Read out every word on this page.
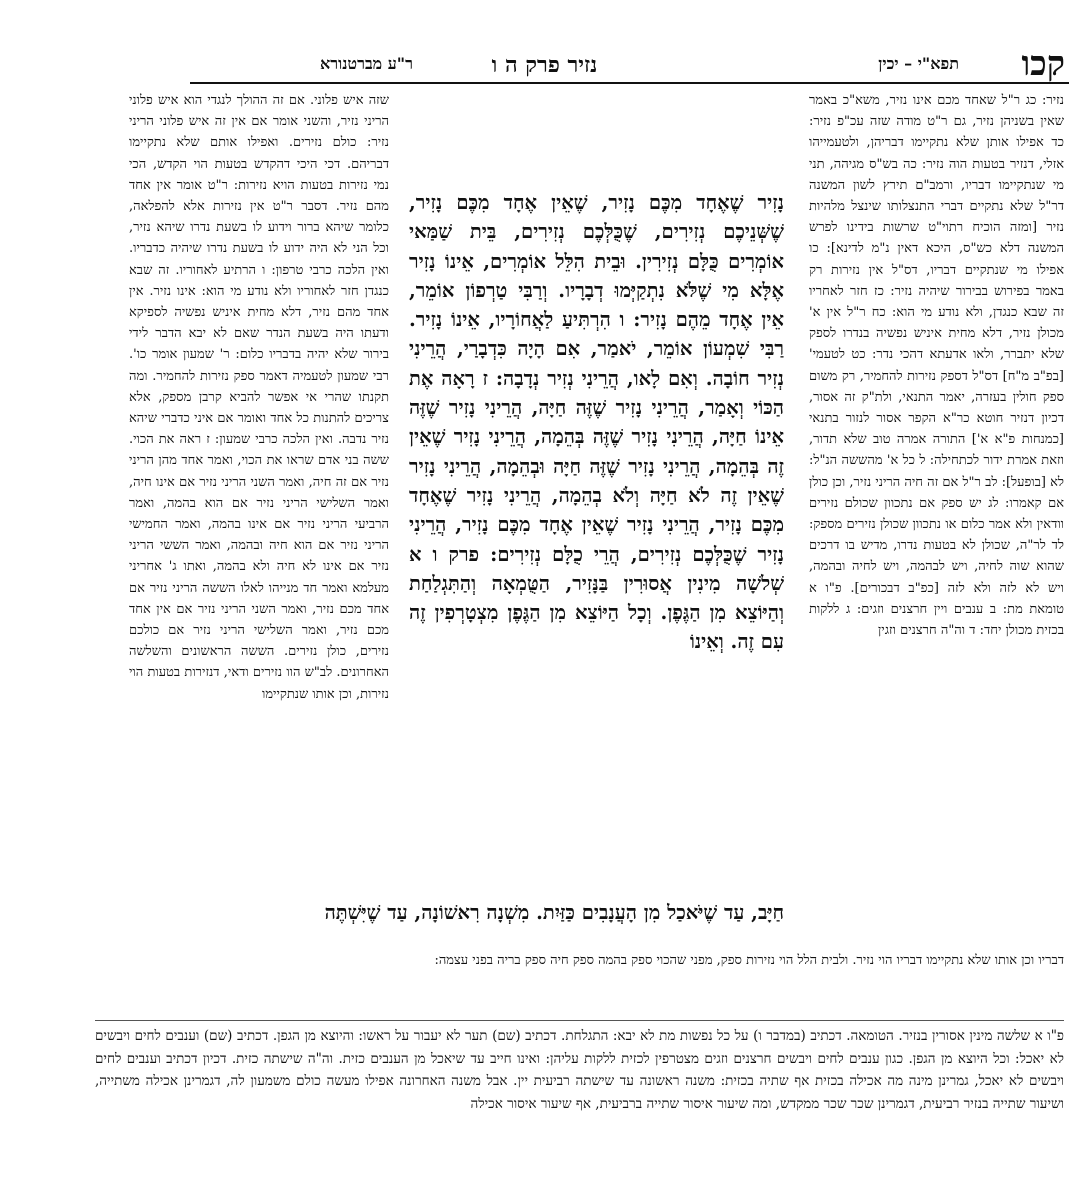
קכו
תפא"י – יכין
נזיר פרק ה ו
ר"ע מברטנורא
נזיר: כג ר"ל שאחד מכם אינו נזיר, משא"כ באמר שאין בשניהן נזיר, גם ר"ט מודה שזה עכ"פ נזיר: כד אפילו אותן שלא נתקיימו דבריהן, ולטעמייהו אזלי, דנזיר בטעות הוה נזיר: כה בש"ס מגיהה, תני מי שנתקיימו דבריו, ורמב"ם תירץ לשון המשנה דר"ל שלא נתקיים דברי התנצלותו שינצל מלהיות נזיר [ומזה הוכיח רתוי"ט שרשות בידינו לפרש המשנה דלא כש"ס, היכא דאין נ"מ לדינא]: כו אפילו מי שנתקיים דבריו, דס"ל אין נזירות רק באמר בפירוש בבירור שיהיה נזיר: כז חזר לאחריו זה שבא כנגדן, ולא נודע מי הוא: כח ר"ל אין א' מכולן נזיר, דלא מחית איניש נפשיה בנדרו לספק שלא יתברר, ולאו אדעתא דהכי נדר: כט לטעמי' [בפ"ב מ"ח] דס"ל דספק נזירות להחמיר, רק משום ספק חולין בעזרה, יאמר התנאי, ולת"ק זה אסור, דכיון דנזיר חוטא כר"א הקפר אסור לנזור בתנאי [כמנחות פ"א א'] התורה אמרה טוב שלא תדור, וזאת אמרת ידור לכתחילה: ל כל א' מהששה הנ"ל: לא [בופעל]: לב ר"ל אם זה חיה הריני נזיר, וכן כולן אם קאמרו: לג יש ספק אם נתכוון שכולם נזירים וודאין ולא אמר כלום או נתכוון שכולן נזירים מספק: לד לר"ה, שכולן לא בטעות נדרו, מדיש בו דרכים שהוא שוה לחיה, ויש לבהמה, ויש לחיה ובהמה, ויש לא לזה ולא לזה [כפ"ב דבכורים]. פ"ו א טומאת מת: ב ענבים ויין חרצנים וזגים: ג ללקות בכזית מכולן יחד: ד וה"ה חרצנים וזגין
נָזִיר שֶׁאֶחָד מִכֶּם נָזִיר, שֶׁאֵין אֶחָד מִכֶּם נָזִיר, שֶׁשְּׁנֵיכֶם נְזִירִים, שֶׁכֻּלְּכֶם נְזִירִים, בֵּית שַׁמַּאי אוֹמְרִים כֻּלָּם נְזִירִין. וּבֵית הִלֵּל אוֹמְרִים, אֵינוֹ נָזִיר אֶלָּא מִי שֶׁלֹּא נִתְקַיְּמוּ דְבָרָיו. וְרַבִּי טַרְפוֹן אוֹמֵר, אֵין אֶחָד מֵהֶם נָזִיר: ו הִרְתִּיעַ לַאֲחוֹרָיו, אֵינוֹ נָזִיר. רַבִּי שִׁמְעוֹן אוֹמֵר, יֹאמַר, אִם הָיָה כִּדְבָרַי, הֲרֵינִי נְזִיר חוֹבָה. וְאִם לָאו, הֲרֵינִי נְזִיר נְדָבָה: ז רָאָה אֶת הַכּוֹי וְאָמַר, הֲרֵינִי נָזִיר שֶׁזֶּה חַיָּה, הֲרֵינִי נָזִיר שֶׁזֶּה אֵינוֹ חַיָּה, הֲרֵינִי נָזִיר שֶׁזֶּה בְּהֵמָה, הֲרֵינִי נָזִיר שֶׁאֵין זֶה בְּהֵמָה, הֲרֵינִי נָזִיר שֶׁזֶּה חַיָּה וּבְהֵמָה, הֲרֵינִי נָזִיר שֶׁאֵין זֶה לֹא חַיָּה וְלֹא בְהֵמָה, הֲרֵינִי נָזִיר שֶׁאֶחָד מִכֶּם נָזִיר, הֲרֵינִי נָזִיר שֶׁאֵין אֶחָד מִכֶּם נָזִיר, הֲרֵינִי נָזִיר שֶׁכֻּלְּכֶם נְזִירִים, הֲרֵי כֻלָּם נְזִירִים: פרק ו א שְׁלשָׁה מִינִין אֲסוּרִין בַּנָּזִיר, הַטֻּמְאָה וְהַתִּגְלַחַת וְהַיּוֹצֵא מִן הַגֶּפֶן. וְכָל הַיּוֹצֵא מִן הַגֶּפֶן מִצְטָרְפִין זֶה עִם זֶה. וְאֵינוֹ
שזה איש פלוני. אם זה ההולך לנגדי הוא איש פלוני הריני נזיר, והשני אומר אם אין זה איש פלוני הריני נזיר: כולם נזירים. ואפילו אותם שלא נתקיימו דבריהם. דכי היכי דהקדש בטעות הוי הקדש, הכי נמי נזירות בטעות הויא נזירות: ר"ט אומר אין אחד מהם נזיר. דסבר ר"ט אין נזירות אלא להפלאה, כלומר שיהא ברור וידוע לו בשעת נדרו שיהא נזיר, וכל הני לא היה ידוע לו בשעת נדרו שיהיה כדבריו. ואין הלכה כרבי טרפון: ו הרתיע לאחוריו. זה שבא כנגדן חזר לאחוריו ולא נודע מי הוא: אינו נזיר. אין אחד מהם נזיר, דלא מחית איניש נפשיה לספיקא ודעתו היה בשעת הנדר שאם לא יבא הדבר לידי בירור שלא יהיה בדבריו כלום: ר' שמעון אומר כו'. רבי שמעון לטעמיה דאמר ספק נזירות להחמיר. ומה תקנתו שהרי אי אפשר להביא קרבן מספק, אלא צריכים להתנות כל אחד ואומר אם איני כדברי שיהא נזיר נדבה. ואין הלכה כרבי שמעון: ז ראה את הכוי. ששה בני אדם שראו את הכוי, ואמר אחד מהן הריני נזיר אם זה חיה, ואמר השני הריני נזיר אם אינו חיה, ואמר השלישי הריני נזיר אם הוא בהמה, ואמר הרביעי הריני נזיר אם אינו בהמה, ואמר החמישי הריני נזיר אם הוא חיה ובהמה, ואמר הששי הריני נזיר אם אינו לא חיה ולא בהמה, ואתו ג' אחריני מעלמא ואמר חד מנייהו לאלו הששה הריני נזיר אם אחד מכם נזיר, ואמר השני הריני נזיר אם אין אחד מכם נזיר, ואמר השלישי הריני נזיר אם כולכם נזירים, כולן נזירים. הששה הראשונים והשלשה האחרונים. לב"ש הוו נזירים ודאי, דנזירות בטעות הוי נזירות, וכן אותו שנתקיימו
חַיָּב, עַד שֶׁיֹּאכַל מִן הָעֲנָבִים כַּזַּיִת. מִשְׁנָה רִאשׁוֹנָה, עַד שֶׁיִּשְׁתֶּה
דבריו וכן אותו שלא נתקיימו דבריו הוי נזיר. ולבית הלל הוי נזירות ספק, מפני שהכוי ספק בהמה ספק חיה ספק בריה בפני עצמה:
פ"ו א שלשה מינין אסורין בנזיר. הטומאה. דכתיב (במדבר ו) על כל נפשות מת לא יבא: התגלחת. דכתיב (שם) תער לא יעבור על ראשו: והיוצא מן הגפן. דכתיב (שם) וענבים לחים ויבשים לא יאכל: וכל היוצא מן הגפן. כגון ענבים לחים ויבשים חרצנים וזגים מצטרפין לכזית ללקות עליהן: ואינו חייב עד שיאכל מן הענבים כזית. וה"ה שישתה כזית. דכיון דכתיב וענבים לחים ויבשים לא יאכל, גמרינן מינה מה אכילה בכזית אף שתיה בכזית: משנה ראשונה עד שישתה רביעית יין. אבל משנה האחרונה אפילו מעשה כולם משמעון לה, דגמרינן אכילה משתייה, ושיעור שתייה בנזיר רביעית, דגמרינן שכר שכר ממקדש, ומה שיעור איסור שתייה ברביעית, אף שיעור איסור אכילה
